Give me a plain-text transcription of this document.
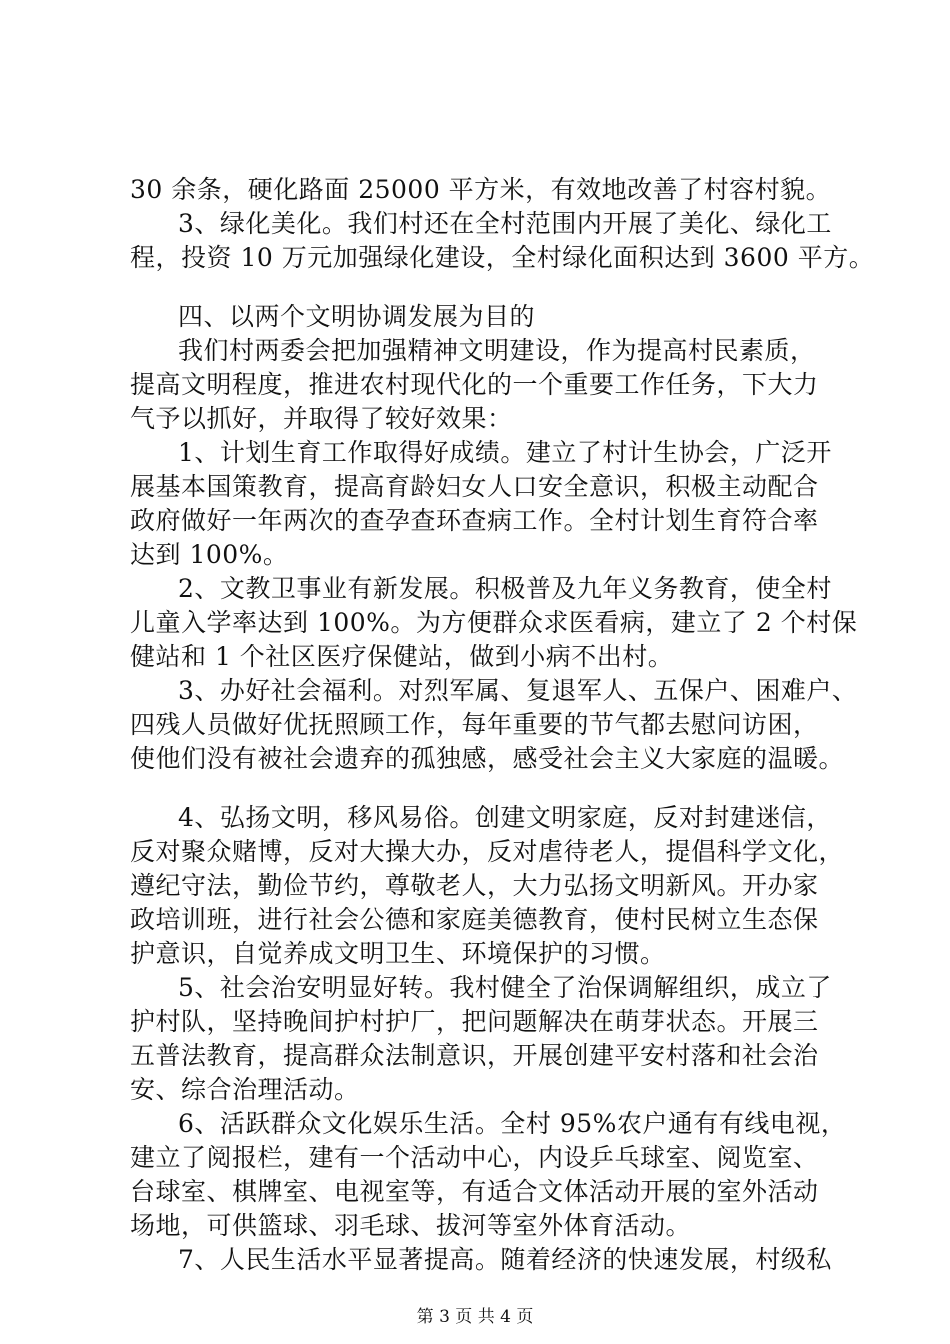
30 余条，硬化路面 25000 平方米，有效地改善了村容村貌。
3、绿化美化。我们村还在全村范围内开展了美化、绿化工
程，投资 10 万元加强绿化建设，全村绿化面积达到 3600 平方。
四、以两个文明协调发展为目的
我们村两委会把加强精神文明建设，作为提高村民素质，
提高文明程度，推进农村现代化的一个重要工作任务，下大力
气予以抓好，并取得了较好效果：
1、计划生育工作取得好成绩。建立了村计生协会，广泛开
展基本国策教育，提高育龄妇女人口安全意识，积极主动配合
政府做好一年两次的查孕查环查病工作。全村计划生育符合率
达到 100%。
2、文教卫事业有新发展。积极普及九年义务教育，使全村
儿童入学率达到 100%。为方便群众求医看病，建立了 2 个村保
健站和 1 个社区医疗保健站，做到小病不出村。
3、办好社会福利。对烈军属、复退军人、五保户、困难户、
四残人员做好优抚照顾工作，每年重要的节气都去慰问访困，
使他们没有被社会遗弃的孤独感，感受社会主义大家庭的温暖。
4、弘扬文明，移风易俗。创建文明家庭，反对封建迷信，
反对聚众赌博，反对大操大办，反对虐待老人，提倡科学文化，
遵纪守法，勤俭节约，尊敬老人，大力弘扬文明新风。开办家
政培训班，进行社会公德和家庭美德教育，使村民树立生态保
护意识，自觉养成文明卫生、环境保护的习惯。
5、社会治安明显好转。我村健全了治保调解组织，成立了
护村队，坚持晚间护村护厂，把问题解决在萌芽状态。开展三
五普法教育，提高群众法制意识，开展创建平安村落和社会治
安、综合治理活动。
6、活跃群众文化娱乐生活。全村 95%农户通有有线电视，
建立了阅报栏，建有一个活动中心，内设乒乓球室、阅览室、
台球室、棋牌室、电视室等，有适合文体活动开展的室外活动
场地，可供篮球、羽毛球、拔河等室外体育活动。
7、人民生活水平显著提高。随着经济的快速发展，村级私
第 3 页 共 4 页
